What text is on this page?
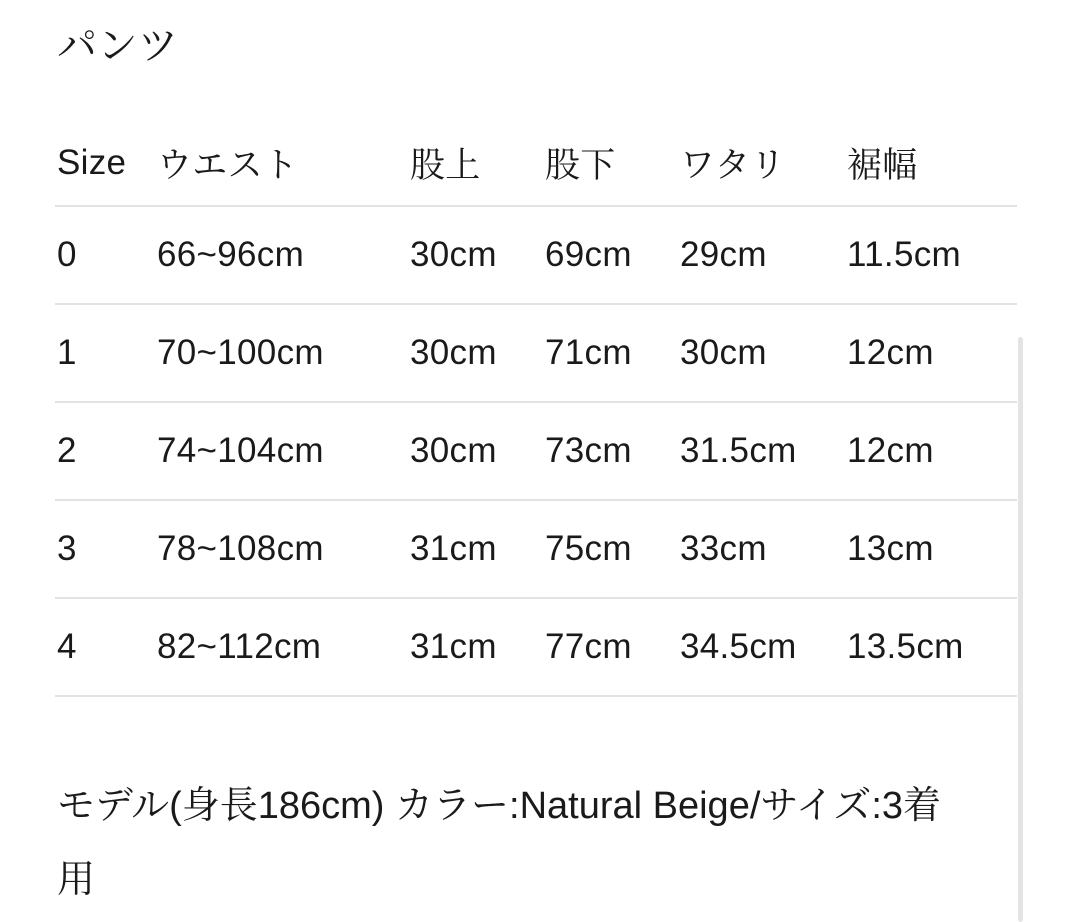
パンツ
Size	ウエスト	股上	股下	ワタリ	裾幅
0	66~96cm	30cm	69cm	29cm	11.5cm
1	70~100cm	30cm	71cm	30cm	12cm
2	74~104cm	30cm	73cm	31.5cm	12cm
3	78~108cm	31cm	75cm	33cm	13cm
4	82~112cm	31cm	77cm	34.5cm	13.5cm

モデル(身長186cm) カラー:Natural Beige/サイズ:3着
用
